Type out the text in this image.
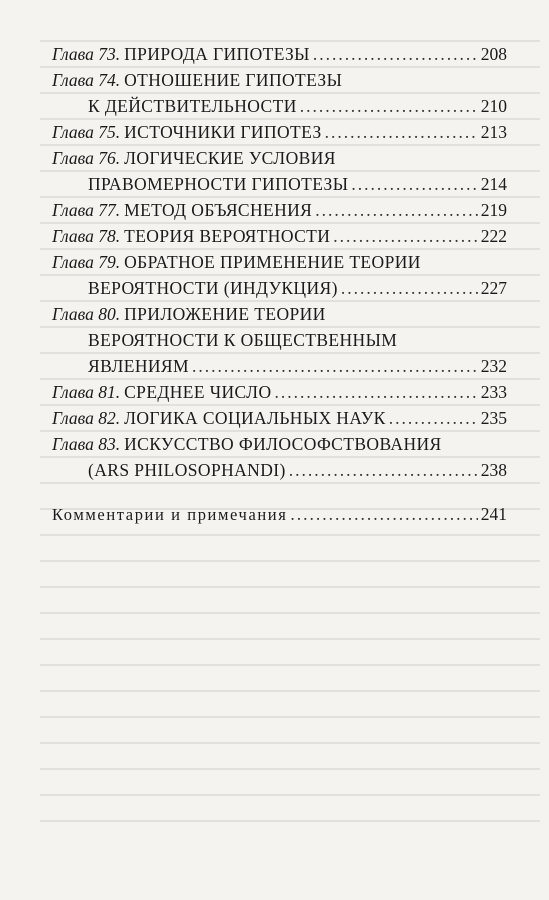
Глава 73. ПРИРОДА ГИПОТЕЗЫ .....	208
Глава 74. ОТНОШЕНИЕ ГИПОТЕЗЫ
К ДЕЙСТВИТЕЛЬНОСТИ .....	210
Глава 75. ИСТОЧНИКИ ГИПОТЕЗ .....	213
Глава 76. ЛОГИЧЕСКИЕ УСЛОВИЯ
ПРАВОМЕРНОСТИ ГИПОТЕЗЫ .....	214
Глава 77. МЕТОД ОБЪЯСНЕНИЯ .....	219
Глава 78. ТЕОРИЯ ВЕРОЯТНОСТИ .....	222
Глава 79. ОБРАТНОЕ ПРИМЕНЕНИЕ ТЕОРИИ
ВЕРОЯТНОСТИ (ИНДУКЦИЯ) .....	227
Глава 80. ПРИЛОЖЕНИЕ ТЕОРИИ
ВЕРОЯТНОСТИ К ОБЩЕСТВЕННЫМ
ЯВЛЕНИЯМ .....	232
Глава 81. СРЕДНЕЕ ЧИСЛО .....	233
Глава 82. ЛОГИКА СОЦИАЛЬНЫХ НАУК .....	235
Глава 83. ИСКУССТВО ФИЛОСОФСТВОВАНИЯ
(ARS PHILOSOPHANDI) .....	238
Комментарии и примечания .....	241
